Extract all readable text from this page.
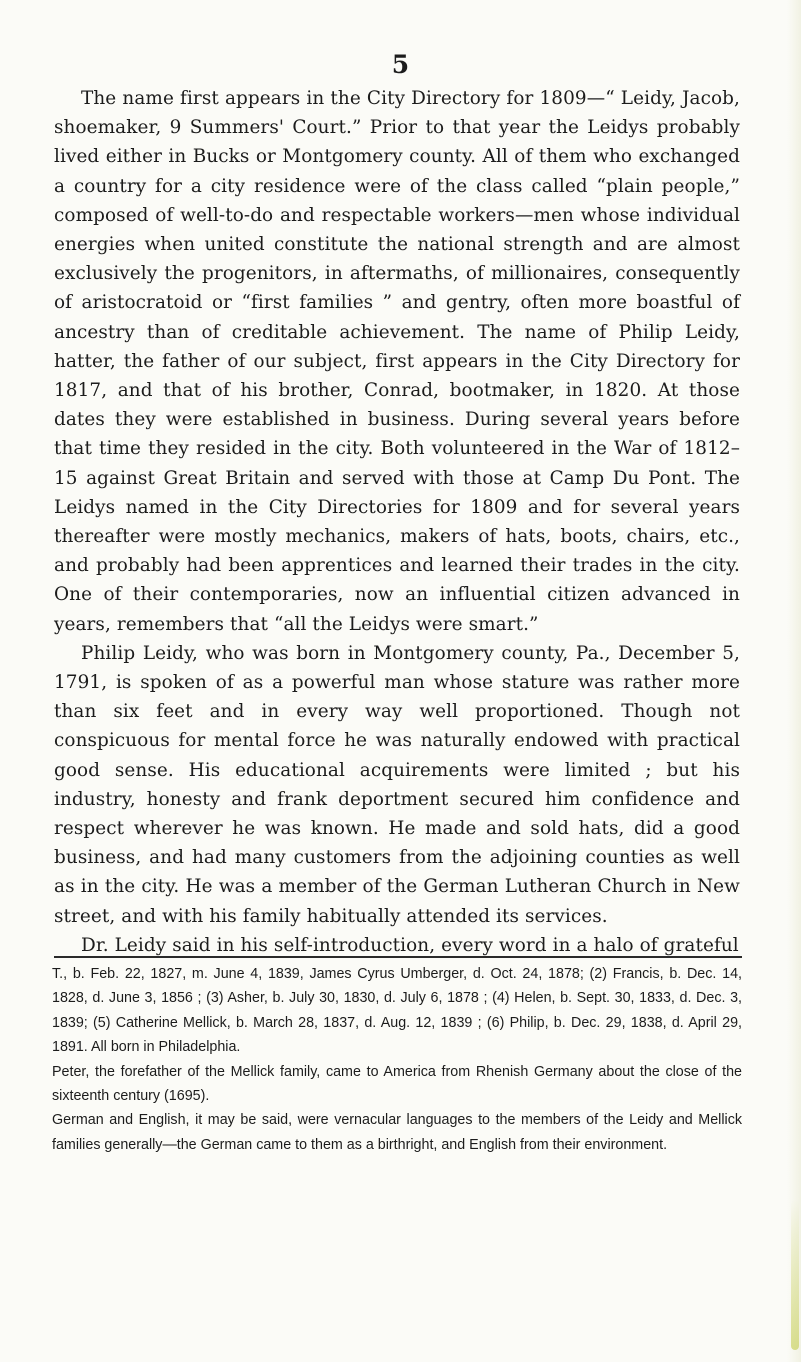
5

The name first appears in the City Directory for 1809—“ Leidy, Jacob, shoemaker, 9 Summers' Court.” Prior to that year the Leidys probably lived either in Bucks or Montgomery county. All of them who exchanged a country for a city residence were of the class called “plain people,” composed of well-to-do and respectable workers—men whose individual energies when united constitute the national strength and are almost exclusively the progenitors, in aftermaths, of millionaires, consequently of aristocratoid or “first families ” and gentry, often more boastful of ancestry than of creditable achievement. The name of Philip Leidy, hatter, the father of our subject, first appears in the City Directory for 1817, and that of his brother, Conrad, bootmaker, in 1820. At those dates they were established in business. During several years before that time they resided in the city. Both volunteered in the War of 1812–15 against Great Britain and served with those at Camp Du Pont. The Leidys named in the City Directories for 1809 and for several years thereafter were mostly mechanics, makers of hats, boots, chairs, etc., and probably had been apprentices and learned their trades in the city. One of their contemporaries, now an influential citizen advanced in years, remembers that “all the Leidys were smart.”

Philip Leidy, who was born in Montgomery county, Pa., December 5, 1791, is spoken of as a powerful man whose stature was rather more than six feet and in every way well proportioned. Though not conspicuous for mental force he was naturally endowed with practical good sense. His educational acquirements were limited ; but his industry, honesty and frank deportment secured him confidence and respect wherever he was known. He made and sold hats, did a good business, and had many customers from the adjoining counties as well as in the city. He was a member of the German Lutheran Church in New street, and with his family habitually attended its services.

Dr. Leidy said in his self-introduction, every word in a halo of grateful

T., b. Feb. 22, 1827, m. June 4, 1839, James Cyrus Umberger, d. Oct. 24, 1878; (2) Francis, b. Dec. 14, 1828, d. June 3, 1856 ; (3) Asher, b. July 30, 1830, d. July 6, 1878 ; (4) Helen, b. Sept. 30, 1833, d. Dec. 3, 1839; (5) Catherine Mellick, b. March 28, 1837, d. Aug. 12, 1839 ; (6) Philip, b. Dec. 29, 1838, d. April 29, 1891. All born in Philadelphia.

Peter, the forefather of the Mellick family, came to America from Rhenish Germany about the close of the sixteenth century (1695).

German and English, it may be said, were vernacular languages to the members of the Leidy and Mellick families generally—the German came to them as a birthright, and English from their environment.
